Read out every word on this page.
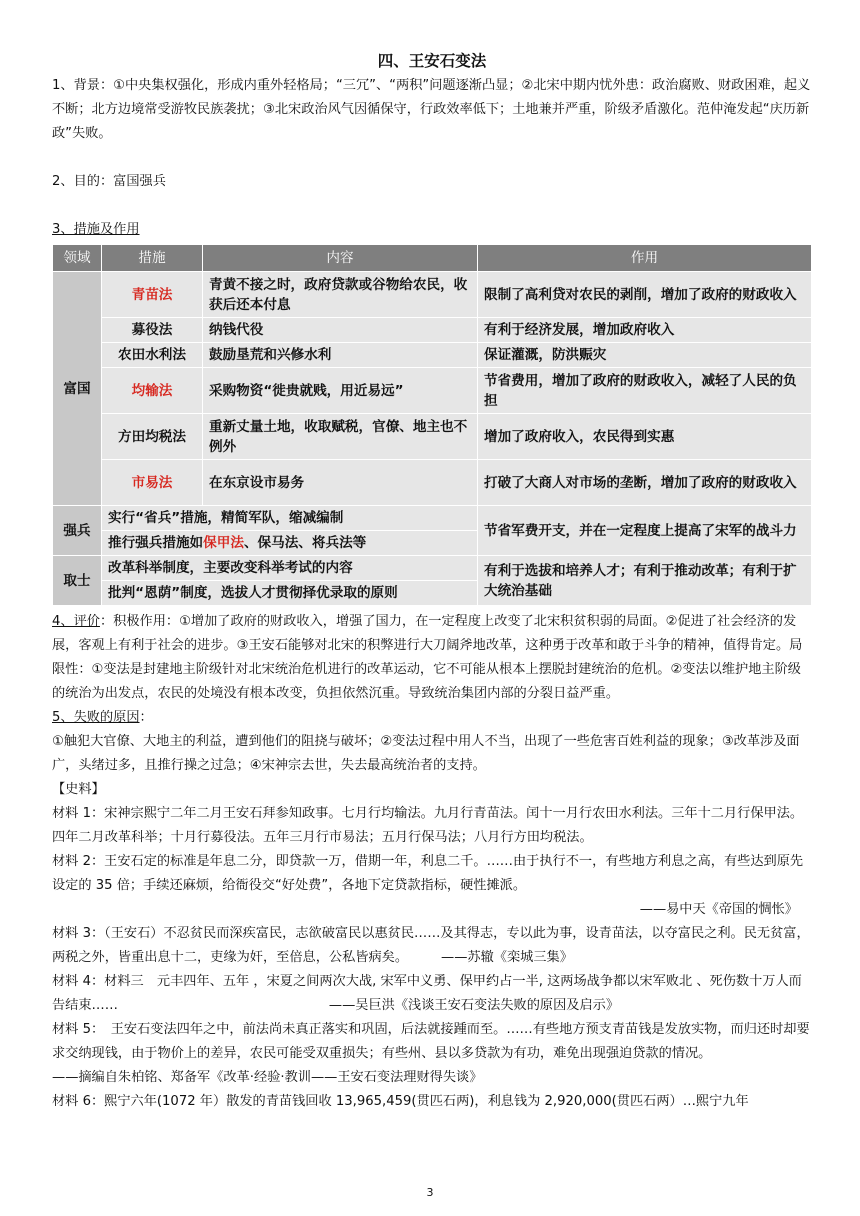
四、王安石变法

1、背景：①中央集权强化，形成内重外轻格局；“三冗”、“两积”问题逐渐凸显；②北宋中期内忧外患：政治腐败、财政困难，起义不断；北方边境常受游牧民族袭扰；③北宋政治风气因循保守，行政效率低下；土地兼并严重，阶级矛盾激化。范仲淹发起“庆历新政”失败。

2、目的：富国强兵

3、措施及作用

领域	措施	内容	作用
富国	青苗法	青黄不接之时，政府贷款或谷物给农民，收获后还本付息	限制了高利贷对农民的剥削，增加了政府的财政收入
	募役法	纳钱代役	有利于经济发展，增加政府收入
	农田水利法	鼓励垦荒和兴修水利	保证灌溉，防洪赈灾
	均输法	采购物资“徙贵就贱，用近易远”	节省费用，增加了政府的财政收入，减轻了人民的负担
	方田均税法	重新丈量土地，收取赋税，官僚、地主也不例外	增加了政府收入，农民得到实惠
	市易法	在东京设市易务	打破了大商人对市场的垄断，增加了政府的财政收入
强兵	实行“省兵”措施，精简军队，缩减编制		节省军费开支，并在一定程度上提高了宋军的战斗力
	推行强兵措施如保甲法、保马法、将兵法等		
取士	改革科举制度，主要改变科举考试的内容		有利于选拔和培养人才；有利于推动改革；有利于扩大统治基础
	批判“恩荫”制度，选拔人才贯彻择优录取的原则		

4、评价：积极作用：①增加了政府的财政收入，增强了国力，在一定程度上改变了北宋积贫积弱的局面。②促进了社会经济的发展，客观上有利于社会的进步。③王安石能够对北宋的积弊进行大刀阔斧地改革，这种勇于改革和敢于斗争的精神，值得肯定。局限性：①变法是封建地主阶级针对北宋统治危机进行的改革运动，它不可能从根本上摆脱封建统治的危机。②变法以维护地主阶级的统治为出发点，农民的处境没有根本改变，负担依然沉重。导致统治集团内部的分裂日益严重。

5、失败的原因：

①触犯大官僚、大地主的利益，遭到他们的阻挠与破坏；②变法过程中用人不当，出现了一些危害百姓利益的现象；③改革涉及面广，头绪过多，且推行操之过急；④宋神宗去世，失去最高统治者的支持。

【史料】

材料 1：宋神宗熙宁二年二月王安石拜参知政事。七月行均输法。九月行青苗法。闰十一月行农田水利法。三年十二月行保甲法。四年二月改革科举；十月行募役法。五年三月行市易法；五月行保马法；八月行方田均税法。

材料 2：王安石定的标准是年息二分，即贷款一万，借期一年，利息二千。……由于执行不一，有些地方利息之高，有些达到原先设定的 35 倍；手续还麻烦，给衙役交“好处费”，各地下定贷款指标，硬性摊派。

——易中天《帝国的惆怅》

材料 3：（王安石）不忍贫民而深疾富民，志欲破富民以惠贫民……及其得志，专以此为事，设青苗法，以夺富民之利。民无贫富，两税之外，皆重出息十二，吏缘为奸，至倍息，公私皆病矣。　　　——苏辙《栾城三集》

材料 4：材料三　元丰四年、五年 ，宋夏之间两次大战, 宋军中义勇、保甲约占一半, 这两场战争都以宋军败北 、死伤数十万人而告结束……　　　　　　　　　　　　　　　　——吴巨洪《浅谈王安石变法失败的原因及启示》

材料 5：　王安石变法四年之中，前法尚未真正落实和巩固，后法就接踵而至。……有些地方预支青苗钱是发放实物，而归还时却要求交纳现钱，由于物价上的差异，农民可能受双重损失；有些州、县以多贷款为有功，难免出现强迫贷款的情况。　　　　　　　——摘编自朱柏铭、郑备军《改革·经验·教训——王安石变法理财得失谈》

材料 6：熙宁六年(1072 年）散发的青苗钱回收 13,965,459(贯匹石两)，利息钱为 2,920,000(贯匹石两）…熙宁九年

3
